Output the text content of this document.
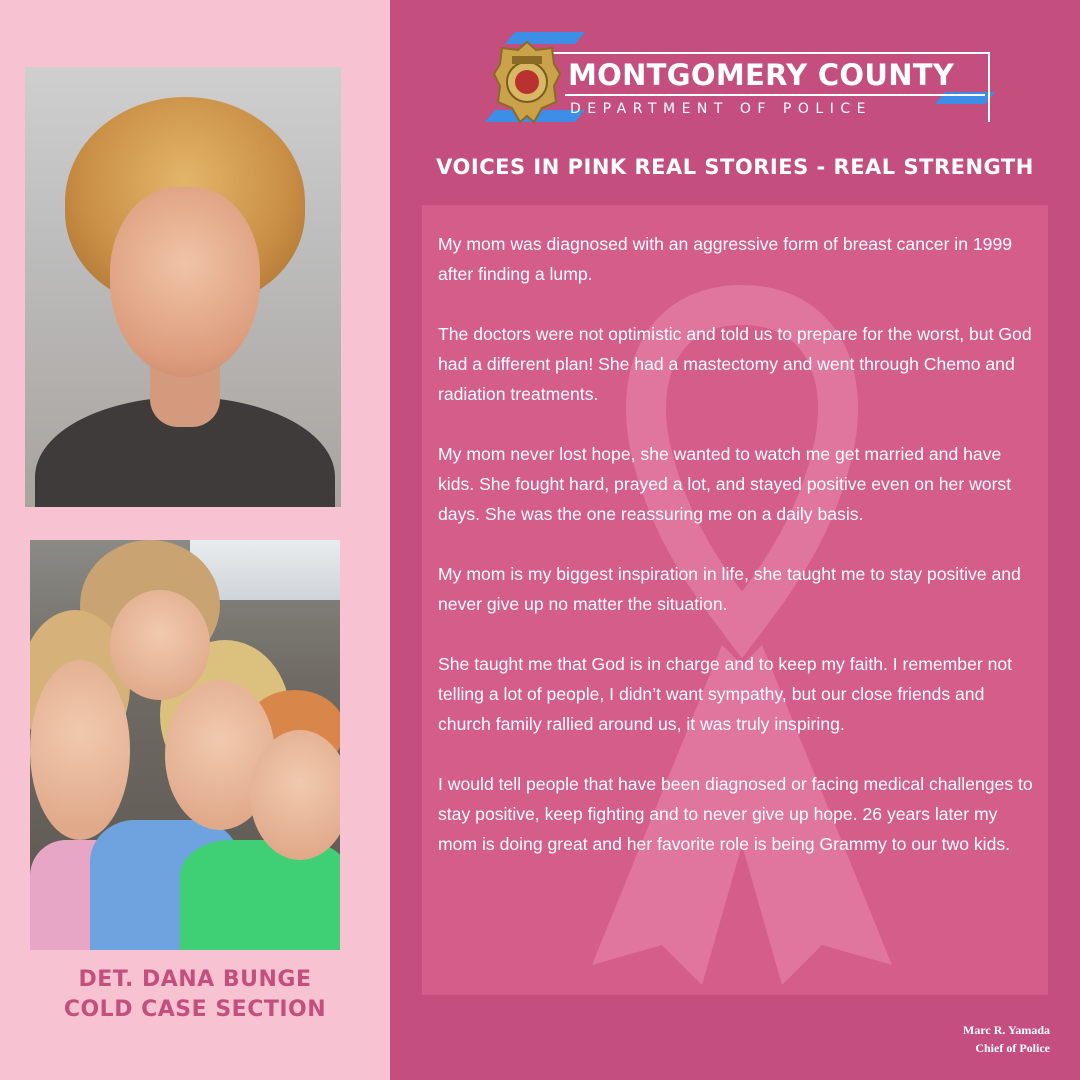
DET. DANA BUNGE
COLD CASE SECTION
MONTGOMERY COUNTY
DEPARTMENT OF POLICE
VOICES IN PINK REAL STORIES - REAL STRENGTH

My mom was diagnosed with an aggressive form of breast cancer in 1999 after finding a lump.

The doctors were not optimistic and told us to prepare for the worst, but God had a different plan! She had a mastectomy and went through Chemo and radiation treatments.

My mom never lost hope, she wanted to watch me get married and have kids. She fought hard, prayed a lot, and stayed positive even on her worst days. She was the one reassuring me on a daily basis.

My mom is my biggest inspiration in life, she taught me to stay positive and never give up no matter the situation.

She taught me that God is in charge and to keep my faith. I remember not telling a lot of people, I didn’t want sympathy, but our close friends and church family rallied around us, it was truly inspiring.

I would tell people that have been diagnosed or facing medical challenges to stay positive, keep fighting and to never give up hope. 26 years later my mom is doing great and her favorite role is being Grammy to our two kids.

Marc R. Yamada
Chief of Police
